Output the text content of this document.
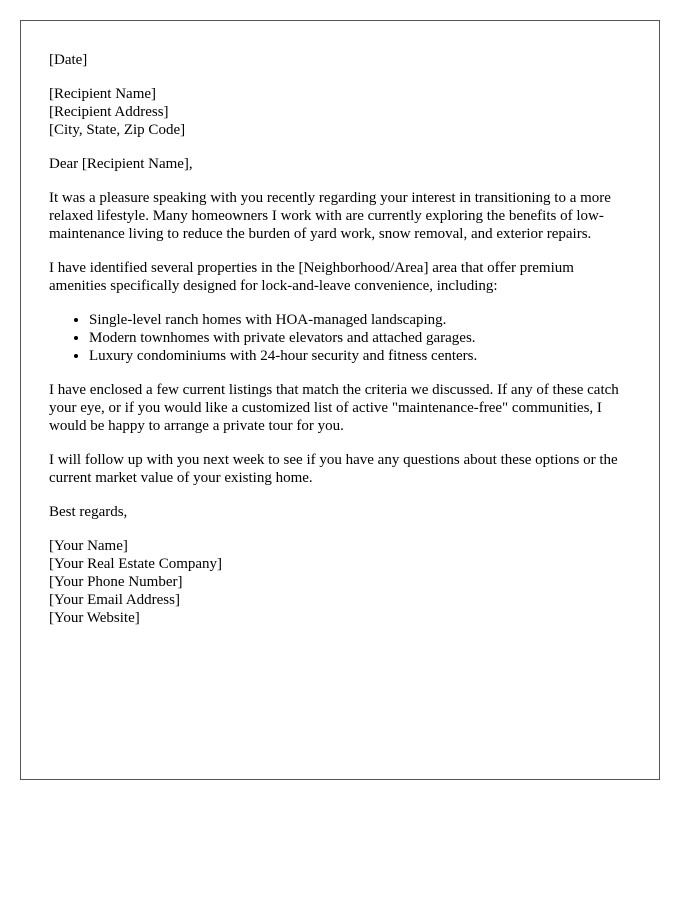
[Date]
[Recipient Name]
[Recipient Address]
[City, State, Zip Code]
Dear [Recipient Name],

It was a pleasure speaking with you recently regarding your interest in transitioning to a more relaxed lifestyle. Many homeowners I work with are currently exploring the benefits of low-maintenance living to reduce the burden of yard work, snow removal, and exterior repairs.

I have identified several properties in the [Neighborhood/Area] area that offer premium amenities specifically designed for lock-and-leave convenience, including:

• Single-level ranch homes with HOA-managed landscaping.
• Modern townhomes with private elevators and attached garages.
• Luxury condominiums with 24-hour security and fitness centers.

I have enclosed a few current listings that match the criteria we discussed. If any of these catch your eye, or if you would like a customized list of active "maintenance-free" communities, I would be happy to arrange a private tour for you.

I will follow up with you next week to see if you have any questions about these options or the current market value of your existing home.

Best regards,
[Your Name]
[Your Real Estate Company]
[Your Phone Number]
[Your Email Address]
[Your Website]
